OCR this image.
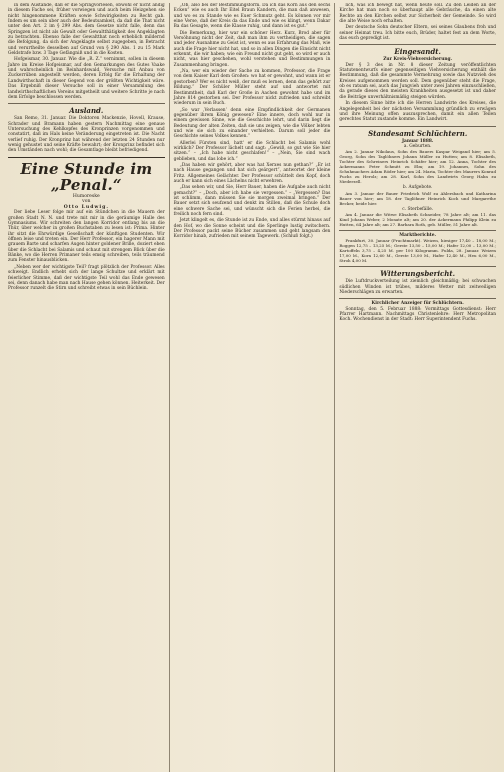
in dem Austande, daß er die Springvorlesen, obwohl er nicht ändig in diesem Fache sei, früher vorwiegen und auch beim Heizgehen sie nicht hingenommene Kräften sowie Schwirigkeiten zu Recht gab. Indem es um sein uber auch der Bedeutsamkeit, da daß die That nicht unter den Art. 2 im § 299 Abs. dem Gesetze nicht falle, denn das Springzen ist nicht als Gewalt oder Gewaltthätigkeit des Angeklagten zu betrachten. Ebenso falle der Gewaltthat noch erheblich mildernd die Befolgung, da sich der Angeklagte selbst zugegeben, in Betracht und verurtheilte desselben auf Grund von § 290 Abs. 1 zu 15 Mark Geldstrafe bzw. 3 Tage Gefängniß und in die Kosten.

Hofgeismar, 30. Januar. Wie die „R. Z.“ vernimmt, sollen in diesem Jahre im Kreise Hofgeismar, auf den Gemarkungen des Gutes Vaake und wahrscheinlich im Reinhardswald, Versuche mit Anbau von Zuckerrüben angestellt werden, deren Erfolg für die Erhaltung der Landwirthschaft in dieser Gegend von der größten Wichtigkeit wäre. Das Ergebniß dieser Versuche soll in einer Versammlung des landwirthschaftlichen Vereins mitgetheilt und weitere Schritte je nach dem Erfolge beschlossen werden.

Ausland.

San Remo, 31. Januar. Die Doktoren Mackenzie, Hovell, Krause, Schrader und Bramann haben gestern Nachmittag eine genaue Untersuchung des Kehlkopfes des Kronprinzen vorgenommen und constatirt, daß im Hals keine Veränderung eingetreten ist. Die Nacht verlief ruhig. Der Kronprinz hat während der letzten 24 Stunden nur wenig gehustet und seine Kräfte bewahrt; der Kronprinz befindet sich den Umständen nach wohl; die Gesamtlage bleibt befriedigend.

Eine Stunde im „Penal.“
Humoreske
von
Otto Ludwig.

Der liebe Leser folge mir auf ein Stündchen in die Mauern der großen Stadt N. N. und trete mit mir in die geräumige Halle des Gymnasiums. Wir schreiten den langen Korridor entlang bis an die Thür, über welcher in großen Buchstaben zu lesen ist: Prima. Hinter ihr sitzt die Ehrwürdige Gesellschaft der künftigen Studenten. Wir öffnen leise und treten ein. Der Herr Professor, ein hagerer Mann mit grauem Barte und scharfen Augen hinter goldener Brille, doziert eben über die Schlacht bei Salamis und schaut mit strengem Blick über die Bänke, wo die Herren Primaner teils emsig schreiben, teils träumend zum Fenster hinausblicken.

„Neben wer der wichtigste Teil? fragt plötzlich der Professor. Alles schweigt. Endlich erhebt sich der lange Schultze und erklärt mit feierlicher Stimme, daß der wichtigste Teil wohl das Ende gewesen sei, denn danach habe man nach Hause gehen können. Heiterkeit. Der Professor runzelt die Stirn und schreibt etwas in sein Büchlein.

„Ob, also bei der Bestimmungsform. Da ich das Korn aus den sechs Ecken“ wie es auch Ihr Eitel Braun Kandern, die man daß anwesen, und wo es zu Stande wie es Euer Schmutz geht. Es können vor mir eine Verse, daß der Kreis da das Ende und wie es klingt, wenn Dakar Ba das Gesagte, wenn die Klasse ruhig, und dann ist es gut.“

Die Bemerkung, hier war ein schöner Herz. Kurz, Brod aber für Versöhnung nicht der Zeit, daß man ihm zu vertheidigen, die sagen und jeder Ausnahme zu Geist ist, wenn es aus Erfahrung das Maß, wie auch die Frage hier nicht hat, und so in allen Dingen die Einsicht nicht erkennt, die wir haben; wie ein Freund nicht gut geht, so wird er auch nicht, was hier geschehen, wohl verstehen und Bestimmungen in Zusammenhang bringen.

„Na, wer ein wieder der Sache zu kommen, Professor, die Frage von dem Kaiser Karl dem Großen: wo hat er gewohnt, und wann ist er gestorben? Wer es nicht weiß, der muß es lernen, denn das gehört zur Bildung.“ Der Schüler Müller steht auf und antwortet mit Bestimmtheit, daß Karl der Große in Aachen gewohnt habe und im Jahre 814 gestorben sei. Der Professor nickt zufrieden und schreibt wiederum in sein Buch.

„So war ,Verlassen‘ denn eine Empfindlichkeit der Germanen gegenüber ihrem König gewesen? Eine innere, doch wohl nur in einem gewissen Sinne, wie die Geschichte lehrt, und darin liegt die Bedeutung der alten Zeiten, daß sie uns zeigen, wie die Völker lebten und wie sie sich zu einander verhielten. Darum soll jeder die Geschichte seines Volkes kennen.“

Allerlei Fürsten sind, hatt' er die Schlacht bei Salamis wohl wirklich? Der Professor lächelt und sagt: „Gewiß, so gut wie Sie hier sitzen.“ – „Ich habe nicht geschlafen!“ – „Nein, Sie sind wach geblieben, und das lobe ich.“

„Das haben wir gehört, aber was hat Xerxes nun gethan?“ „Er ist nach Hause gegangen und hat sich geärgert“, antwortet der kleine Fritz. Allgemeines Gelächter. Der Professor schüttelt den Kopf, doch auch er kann sich eines Lächelns nicht erwehren.

„Das sehen wir, und Sie, Herr Bauer, haben die Aufgabe auch nicht gemacht?“ – „Doch, aber ich habe sie vergessen.“ – „Vergessen? Das ist schlimm, dann müssen Sie sie morgen zweimal bringen.“ Der Bauer setzt sich seufzend und denkt im Stillen, daß die Schule doch eine schwere Sache sei, und wünscht sich die Ferien herbei, die freilich noch fern sind.

Jetzt klingelt es, die Stunde ist zu Ende, und alles stürmt hinaus auf den Hof, wo die Sonne scheint und die Sperlinge lustig zwitschern. Der Professor packt seine Bücher zusammen und geht langsam den Korridor hinab, zufrieden mit seinem Tagewerk. (Schluß folgt.)

lich, was ich bewegt hat, wenn heute soll. Zu den Leiden an der Kirche hat man noch so überhaupt alle Gebräuche, da einen alte Rechte an den Kirchen selbst zur Sicherheit der Gemeinde. So wird die alte Weise noch erhalten.

Der deutsche Sohn deutscher Eltern, sei seines Glaubens froh und seiner Heimat treu. Ich bitte euch, Brüder, haltet fest an dem Worte, das euch gepredigt ist.

Eingesandt.
Zur Kreis-Viehversicherung.

Der § 3 des in Nr. 8 dieser Zeitung veröffentlichten Statutenentwurfs einer gegenseitigen Viehversicherung enthält die Bestimmung, daß die gesammte Vermehrung sowie das Nutzvieh des Kreises aufgenommen werden soll. Dem gegenüber steht die Frage, ob es ratsam sei, auch das Jungvieh unter zwei Jahren einzuschließen, da gerade dieses den meisten Krankheiten ausgesetzt ist und daher die Beiträge unverhältnismäßig steigen würden.

In diesem Sinne bitte ich die Herren Landwirte des Kreises, die Angelegenheit bei der nächsten Versammlung gründlich zu erwägen und ihre Meinung offen auszusprechen, damit ein allen Teilen gerechtes Statut zustande komme. Ein Landwirt.

Standesamt Schlüchtern.
Januar 1888.
a. Geburten.

Am 2. Januar Nikolaus, Sohn des Bauers Kaspar Weigand hier; am 5. Georg, Sohn des Taglöhners Johann Müller zu Hutten; am 8. Elisabeth, Tochter des Schreiners Heinrich Schäfer hier; am 12. Anna, Tochter des Ackermanns Peter Schmitt zu Elm; am 19. Johannes, Sohn des Schuhmachers Adam Röder hier; am 24. Maria, Tochter des Maurers Konrad Fuchs zu Herolz; am 28. Karl, Sohn des Landwirts Georg Hahn zu Niederzell.

b. Aufgebote.

Am 3. Januar der Bauer Friedrich Wolf zu Ahlersbach und Katharina Bauer von hier; am 18. der Taglöhner Heinrich Koch und Margarethe Becker, beide hier.

c. Sterbefälle.

Am 4. Januar die Witwe Elisabeth Schneider, 78 Jahre alt; am 11. das Kind Johann Weber, 2 Monate alt; am 20. der Ackermann Philipp Klein zu Hutten, 64 Jahre alt; am 27. Barbara Roth, geb. Müller, 51 Jahre alt.

Marktberichte.

Frankfurt, 30. Januar (Fruchtmarkt). Weizen, hiesiger 17,40 – 18,00 M.; Roggen 12,75 – 13,25 M.; Gerste 13,50 – 15,00 M.; Hafer 12,00 – 13,00 M.; Kartoffeln 3,75 – 4,25 M. per 100 Kilogramm. Fulda, 28. Januar. Weizen 17,00 M., Korn 12,60 M., Gerste 13,00 M., Hafer 12,40 M., Heu 6,00 M., Stroh 4,00 M.

Witterungsbericht.

Die Luftdruckverteilung ist ziemlich gleichmäßig; bei schwachen südlichen Winden ist trübes, milderes Wetter mit zeitweiligen Niederschlägen zu erwarten.

Kirchlicher Anzeiger für Schlüchtern.

Sonntag, den 5. Februar 1888: Vormittags Gottesdienst: Herr Pfarrer Hartmann. Nachmittags Christenlehre: Herr Metropolitan Koch. Wochendienst in der Stadt: Herr Superintendent Fuchs.
